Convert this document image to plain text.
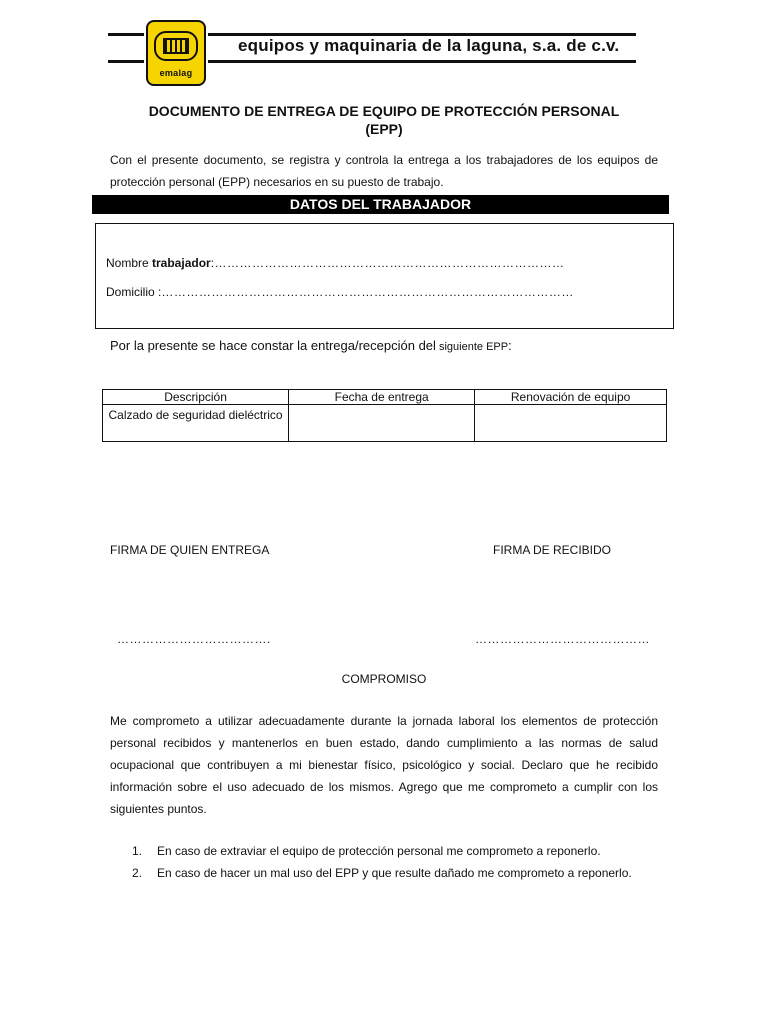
emalag
equipos y maquinaria de la laguna, s.a. de c.v.
DOCUMENTO DE ENTREGA DE EQUIPO DE PROTECCIÓN PERSONAL
(EPP)
Con el presente documento, se registra y controla la entrega a los trabajadores de los equipos de protección personal (EPP) necesarios en su puesto de trabajo.
DATOS DEL TRABAJADOR
Nombre trabajador:…………………………………………………………………………
Domicilio :………………………………………………………………………………………
Por la presente se hace constar la entrega/recepción del siguiente EPP:
Descripción	Fecha de entrega	Renovación de equipo
Calzado de seguridad dieléctrico		
FIRMA DE QUIEN ENTREGA	FIRMA DE RECIBIDO
……………………………….	……………………………………
COMPROMISO
Me comprometo a utilizar adecuadamente durante la jornada laboral los elementos de protección personal recibidos y mantenerlos en buen estado, dando cumplimiento a las normas de salud ocupacional que contribuyen a mi bienestar físico, psicológico y social. Declaro que he recibido información sobre el uso adecuado de los mismos. Agrego que me comprometo a cumplir con los siguientes puntos.
1. En caso de extraviar el equipo de protección personal me comprometo a reponerlo.
2. En caso de hacer un mal uso del EPP y que resulte dañado me comprometo a reponerlo.
